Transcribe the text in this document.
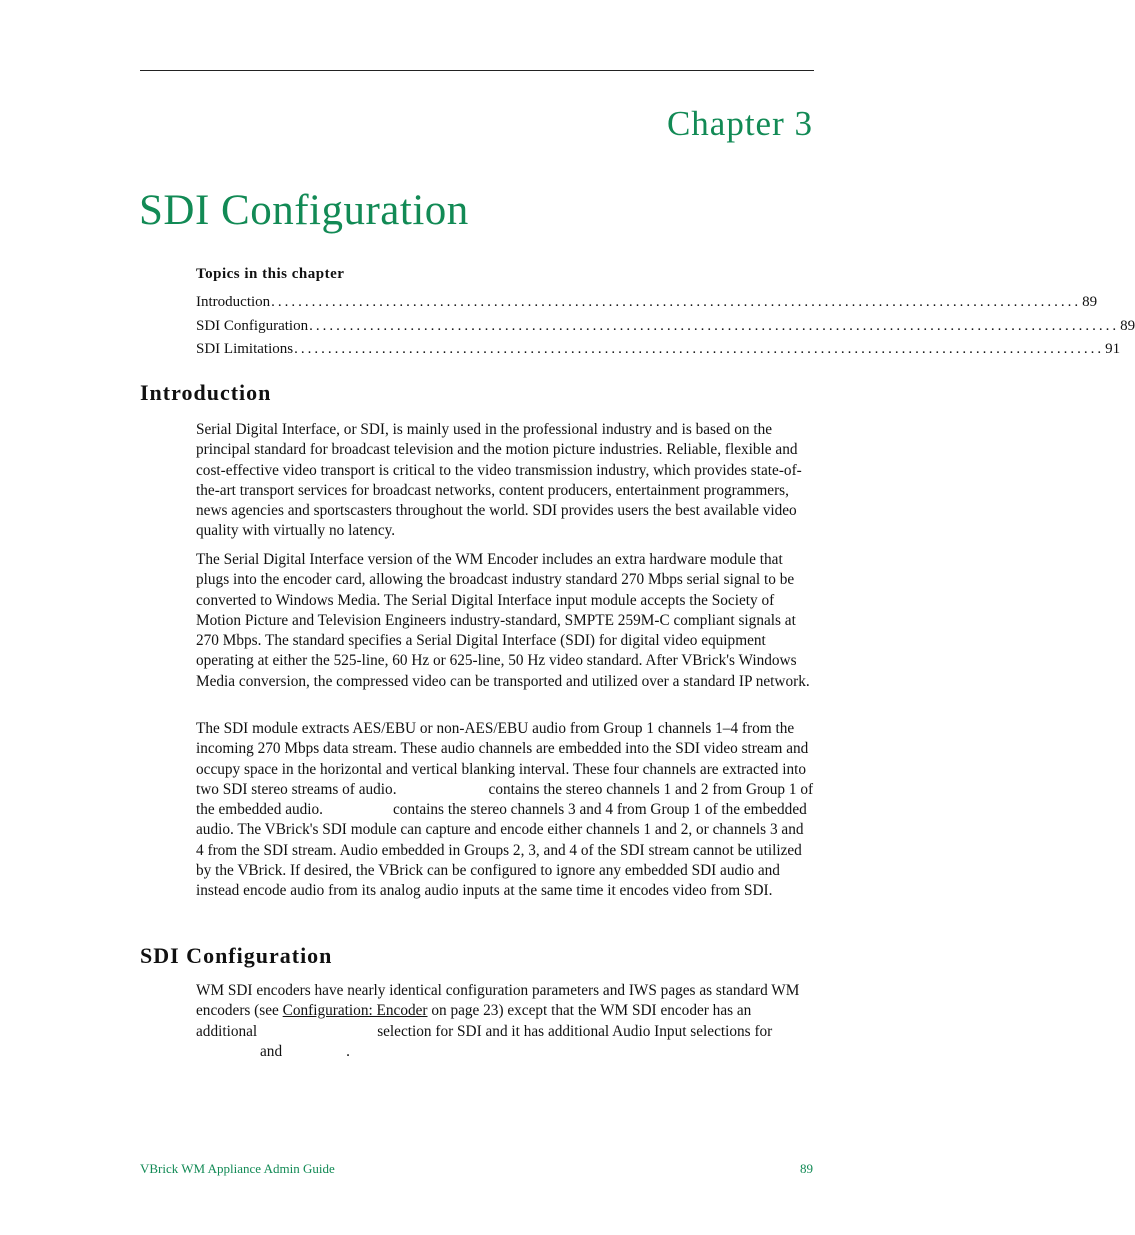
Chapter 3
SDI Configuration
Topics in this chapter
Introduction ........................................................................................................................ 89
SDI Configuration ........................................................................................................................ 89
SDI Limitations ........................................................................................................................ 91
Introduction
Serial Digital Interface, or SDI, is mainly used in the professional industry and is based on the principal standard for broadcast television and the motion picture industries. Reliable, flexible and cost-effective video transport is critical to the video transmission industry, which provides state-of-the-art transport services for broadcast networks, content producers, entertainment programmers, news agencies and sportscasters throughout the world. SDI provides users the best available video quality with virtually no latency.
The Serial Digital Interface version of the WM Encoder includes an extra hardware module that plugs into the encoder card, allowing the broadcast industry standard 270 Mbps serial signal to be converted to Windows Media. The Serial Digital Interface input module accepts the Society of Motion Picture and Television Engineers industry-standard, SMPTE 259M-C compliant signals at 270 Mbps. The standard specifies a Serial Digital Interface (SDI) for digital video equipment operating at either the 525-line, 60 Hz or 625-line, 50 Hz video standard. After VBrick's Windows Media conversion, the compressed video can be transported and utilized over a standard IP network.
The SDI module extracts AES/EBU or non-AES/EBU audio from Group 1 channels 1–4 from the incoming 270 Mbps data stream. These audio channels are embedded into the SDI video stream and occupy space in the horizontal and vertical blanking interval. These four channels are extracted into two SDI stereo streams of audio.	contains the stereo channels 1 and 2 from Group 1 of the embedded audio.	contains the stereo channels 3 and 4 from Group 1 of the embedded audio. The VBrick's SDI module can capture and encode either channels 1 and 2, or channels 3 and 4 from the SDI stream. Audio embedded in Groups 2, 3, and 4 of the SDI stream cannot be utilized by the VBrick. If desired, the VBrick can be configured to ignore any embedded SDI audio and instead encode audio from its analog audio inputs at the same time it encodes video from SDI.
SDI Configuration
WM SDI encoders have nearly identical configuration parameters and IWS pages as standard WM encoders (see Configuration: Encoder on page 23) except that the WM SDI encoder has an additional	selection for SDI and it has additional Audio Input selections forand	.
VBrick WM Appliance Admin Guide	89
